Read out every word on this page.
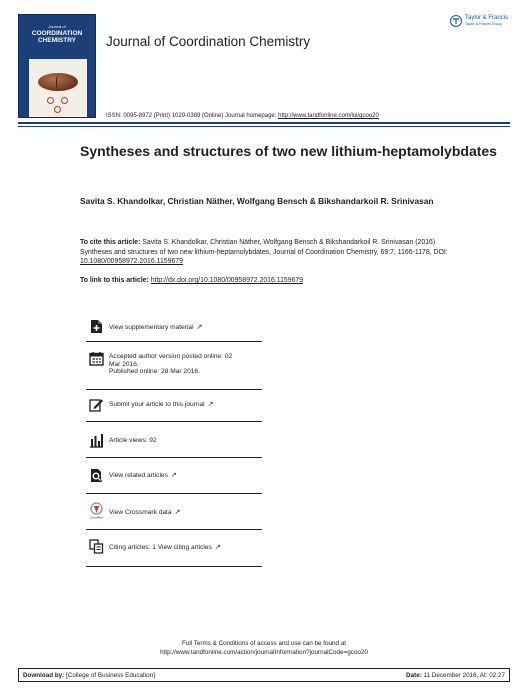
Journal of
COORDINATION
CHEMISTRY	Journal of Coordination Chemistry
Taylor & Francis
Taylor & Francis Group
ISSN: 0095-8972 (Print) 1029-0389 (Online) Journal homepage: http://www.tandfonline.com/loi/gcoo20
Syntheses and structures of two new lithium-heptamolybdates
Savita S. Khandolkar, Christian Näther, Wolfgang Bensch & Bikshandarkoil R. Srinivasan
To cite this article: Savita S. Khandolkar, Christian Näther, Wolfgang Bensch & Bikshandarkoil R. Srinivasan (2016) Syntheses and structures of two new lithium-heptamolybdates, Journal of Coordination Chemistry, 69:7, 1166-1178, DOI: 10.1080/00958972.2016.1159679
To link to this article: http://dx.doi.org/10.1080/00958972.2016.1159679
View supplementary material ↗
Accepted author version posted online: 02
Mar 2016.
Published online: 28 Mar 2016.
Submit your article to this journal ↗
Article views: 92
View related articles ↗
CrossMark
View Crossmark data ↗
Citing articles: 1 View citing articles ↗
Full Terms & Conditions of access and use can be found at
http://www.tandfonline.com/action/journalInformation?journalCode=gcoo20
Download by: [College of Business Education]	Date: 11 December 2016, At: 02:27
